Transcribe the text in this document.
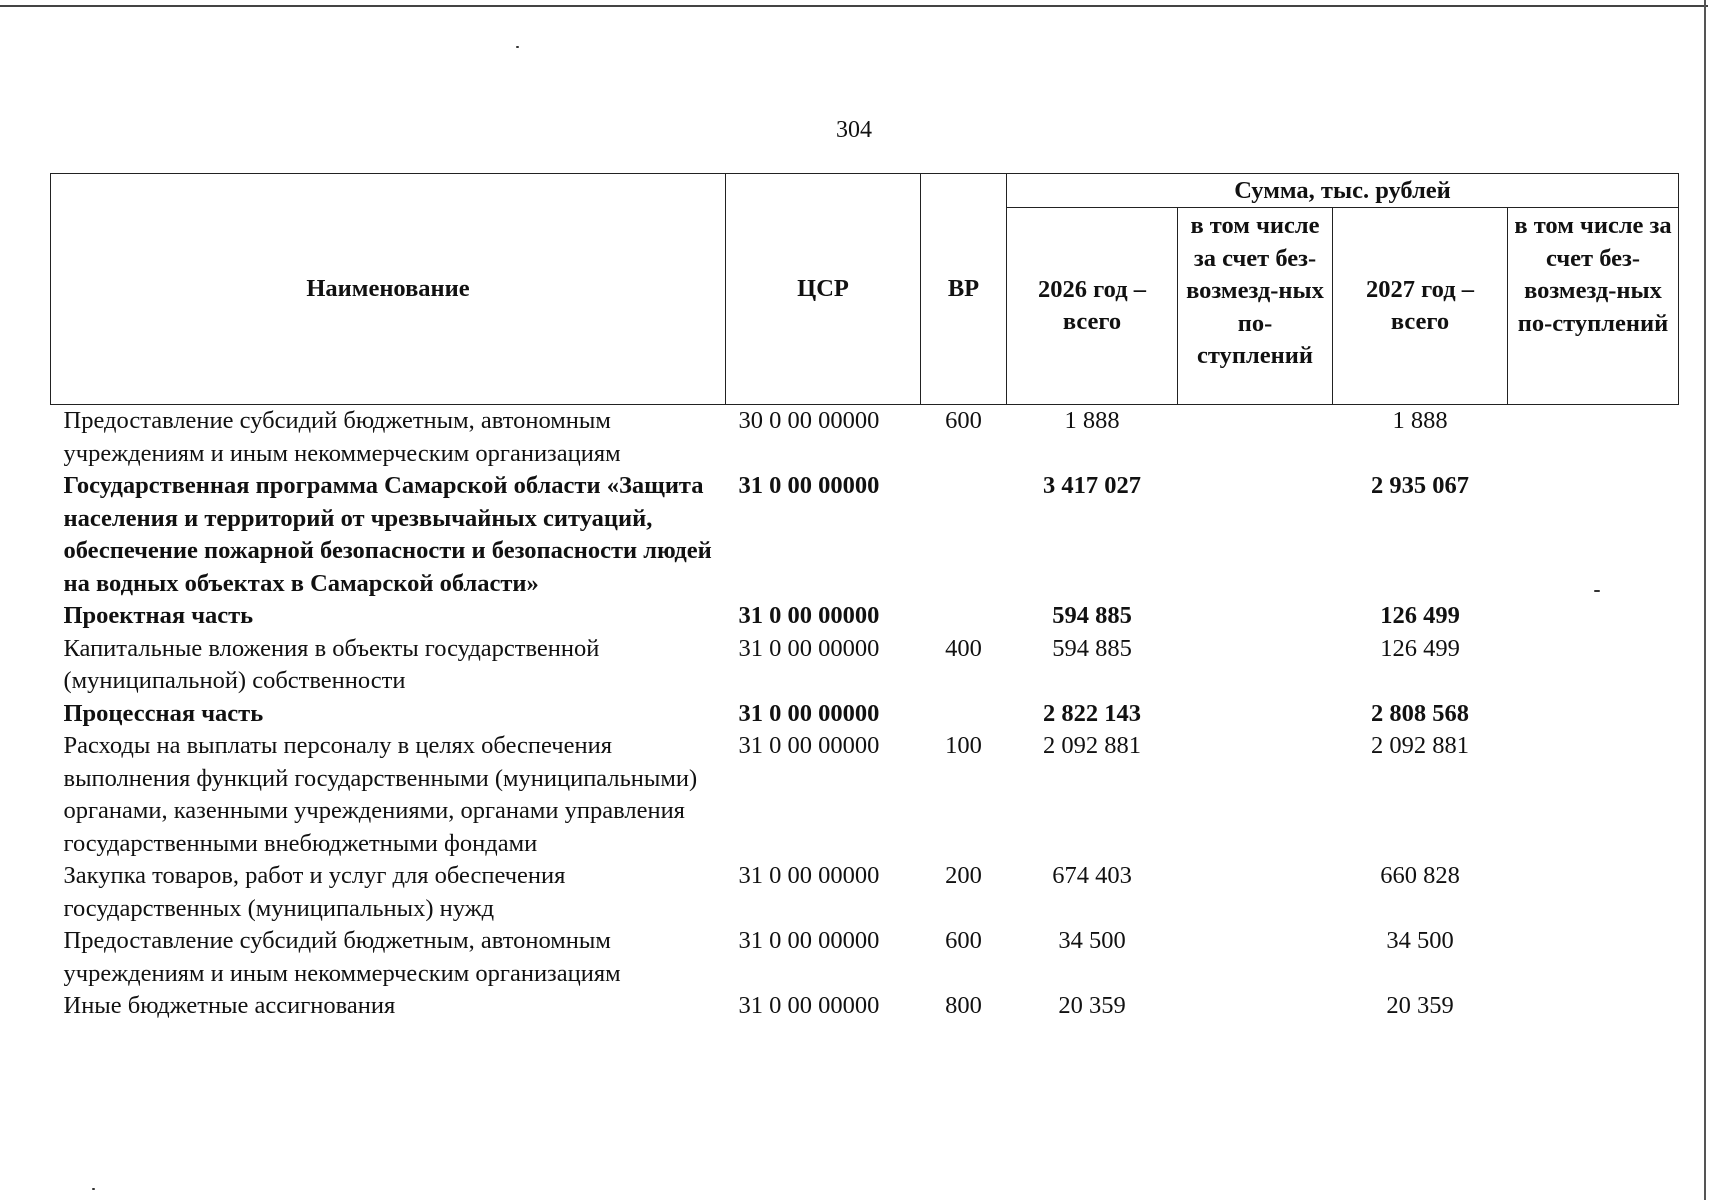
304
Наименование	ЦСР	ВР	Сумма, тыс. рублей			
			2026 год – всего	в том числе за счет без-возмезд-ных по-ступлений	2027 год – всего	в том числе за счет без-возмезд-ных по-ступлений
Предоставление субсидий бюджетным, автономным учреждениям и иным некоммерческим организациям	30 0 00 00000	600	1 888		1 888	
Государственная программа Самарской области «Защита населения и территорий от чрезвычайных ситуаций, обеспечение пожарной безопасности и безопасности людей на водных объектах в Самарской области»	31 0 00 00000		3 417 027		2 935 067	
Проектная часть	31 0 00 00000		594 885		126 499	
Капитальные вложения в объекты государственной (муниципальной) собственности	31 0 00 00000	400	594 885		126 499	
Процессная часть	31 0 00 00000		2 822 143		2 808 568	
Расходы на выплаты персоналу в целях обеспечения выполнения функций государственными (муниципальными) органами, казенными учреждениями, органами управления государственными внебюджетными фондами	31 0 00 00000	100	2 092 881		2 092 881	
Закупка товаров, работ и услуг для обеспечения государственных (муниципальных) нужд	31 0 00 00000	200	674 403		660 828	
Предоставление субсидий бюджетным, автономным учреждениям и иным некоммерческим организациям	31 0 00 00000	600	34 500		34 500	
Иные бюджетные ассигнования	31 0 00 00000	800	20 359		20 359	
